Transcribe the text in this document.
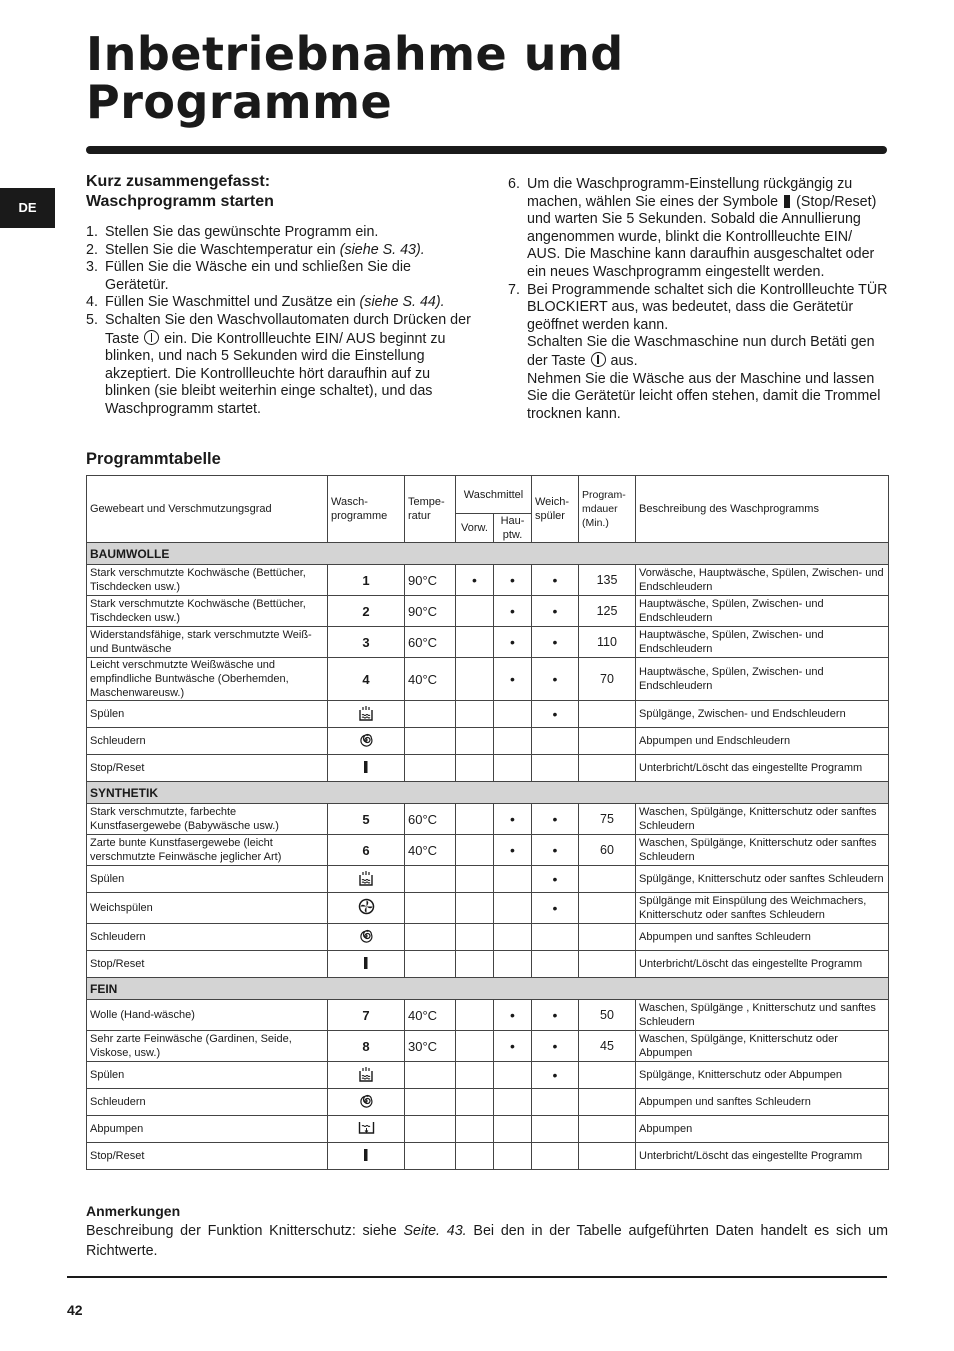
Inbetriebnahme und
Programme
DE
Kurz zusammengefasst:
Waschprogramm starten
1. Stellen Sie das gewünschte Programm ein.
2. Stellen Sie die Waschtemperatur ein (siehe S. 43).
3. Füllen Sie die Wäsche ein und schließen Sie die Gerätetür.
4. Füllen Sie Waschmittel und Zusätze ein (siehe S. 44).
5. Schalten Sie den Waschvollautomaten durch Drücken der Taste ein. Die Kontrollleuchte EIN/ AUS beginnt zu blinken, und nach 5 Sekunden wird die Einstellung akzeptiert. Die Kontrollleuchte hört daraufhin auf zu blinken (sie bleibt weiterhin einge schaltet), und das Waschprogramm startet.
6. Um die Waschprogramm-Einstellung rückgängig zu machen, wählen Sie eines der Symbole (Stop/Reset) und warten Sie 5 Sekunden. Sobald die Annullierung angenommen wurde, blinkt die Kontrollleuchte EIN/ AUS. Die Maschine kann daraufhin ausgeschaltet oder ein neues Waschprogramm eingestellt werden.
7. Bei Programmende schaltet sich die Kontrollleuchte TÜR BLOCKIERT aus, was bedeutet, dass die Gerätetür geöffnet werden kann.
Schalten Sie die Waschmaschine nun durch Betäti gen der Taste aus.
Nehmen Sie die Wäsche aus der Maschine und lassen Sie die Gerätetür leicht offen stehen, damit die Trommel trocknen kann.
Programmtabelle
Gewebeart und Verschmutzungsgrad	Wasch- programme	Tempe- ratur	Waschmittel		Weich- spüler	Program- mdauer (Min.)	Beschreibung des Waschprogramms
			Vorw.	Hau- ptw.			
BAUMWOLLE							
Stark verschmutzte Kochwäsche (Bettücher, Tischdecken usw.)	1	90°C	•	•	•	135	Vorwäsche, Hauptwäsche, Spülen, Zwischen- und Endschleudern
Stark verschmutzte Kochwäsche (Bettücher, Tischdecken usw.)	2	90°C		•	•	125	Hauptwäsche, Spülen, Zwischen- und Endschleudern
Widerstandsfähige, stark verschmutzte Weiß- und Buntwäsche	3	60°C		•	•	110	Hauptwäsche, Spülen, Zwischen- und Endschleudern
Leicht verschmutzte Weißwäsche und empfindliche Buntwäsche (Oberhemden, Maschenwareusw.)	4	40°C		•	•	70	Hauptwäsche, Spülen, Zwischen- und Endschleudern
Spülen					•		Spülgänge, Zwischen- und Endschleudern
Schleudern							Abpumpen und Endschleudern
Stop/Reset							Unterbricht/Löscht das eingestellte Programm
SYNTHETIK							
Stark verschmutzte, farbechte Kunstfasergewebe (Babywäsche usw.)	5	60°C		•	•	75	Waschen, Spülgänge, Knitterschutz oder sanftes Schleudern
Zarte bunte Kunstfasergewebe (leicht verschmutzte Feinwäsche jeglicher Art)	6	40°C		•	•	60	Waschen, Spülgänge, Knitterschutz oder sanftes Schleudern
Spülen					•		Spülgänge, Knitterschutz oder sanftes Schleudern
Weichspülen					•		Spülgänge mit Einspülung des Weichmachers, Knitterschutz oder sanftes Schleudern
Schleudern							Abpumpen und sanftes Schleudern
Stop/Reset							Unterbricht/Löscht das eingestellte Programm
FEIN							
Wolle (Hand-wäsche)	7	40°C		•	•	50	Waschen, Spülgänge , Knitterschutz und sanftes Schleudern
Sehr zarte Feinwäsche (Gardinen, Seide, Viskose, usw.)	8	30°C		•	•	45	Waschen, Spülgänge, Knitterschutz oder Abpumpen
Spülen					•		Spülgänge, Knitterschutz oder Abpumpen
Schleudern							Abpumpen und sanftes Schleudern
Abpumpen							Abpumpen
Stop/Reset							Unterbricht/Löscht das eingestellte Programm
Anmerkungen

Beschreibung der Funktion Knitterschutz: siehe Seite. 43. Bei den in der Tabelle aufgeführten Daten handelt es sich um Richtwerte.

42
